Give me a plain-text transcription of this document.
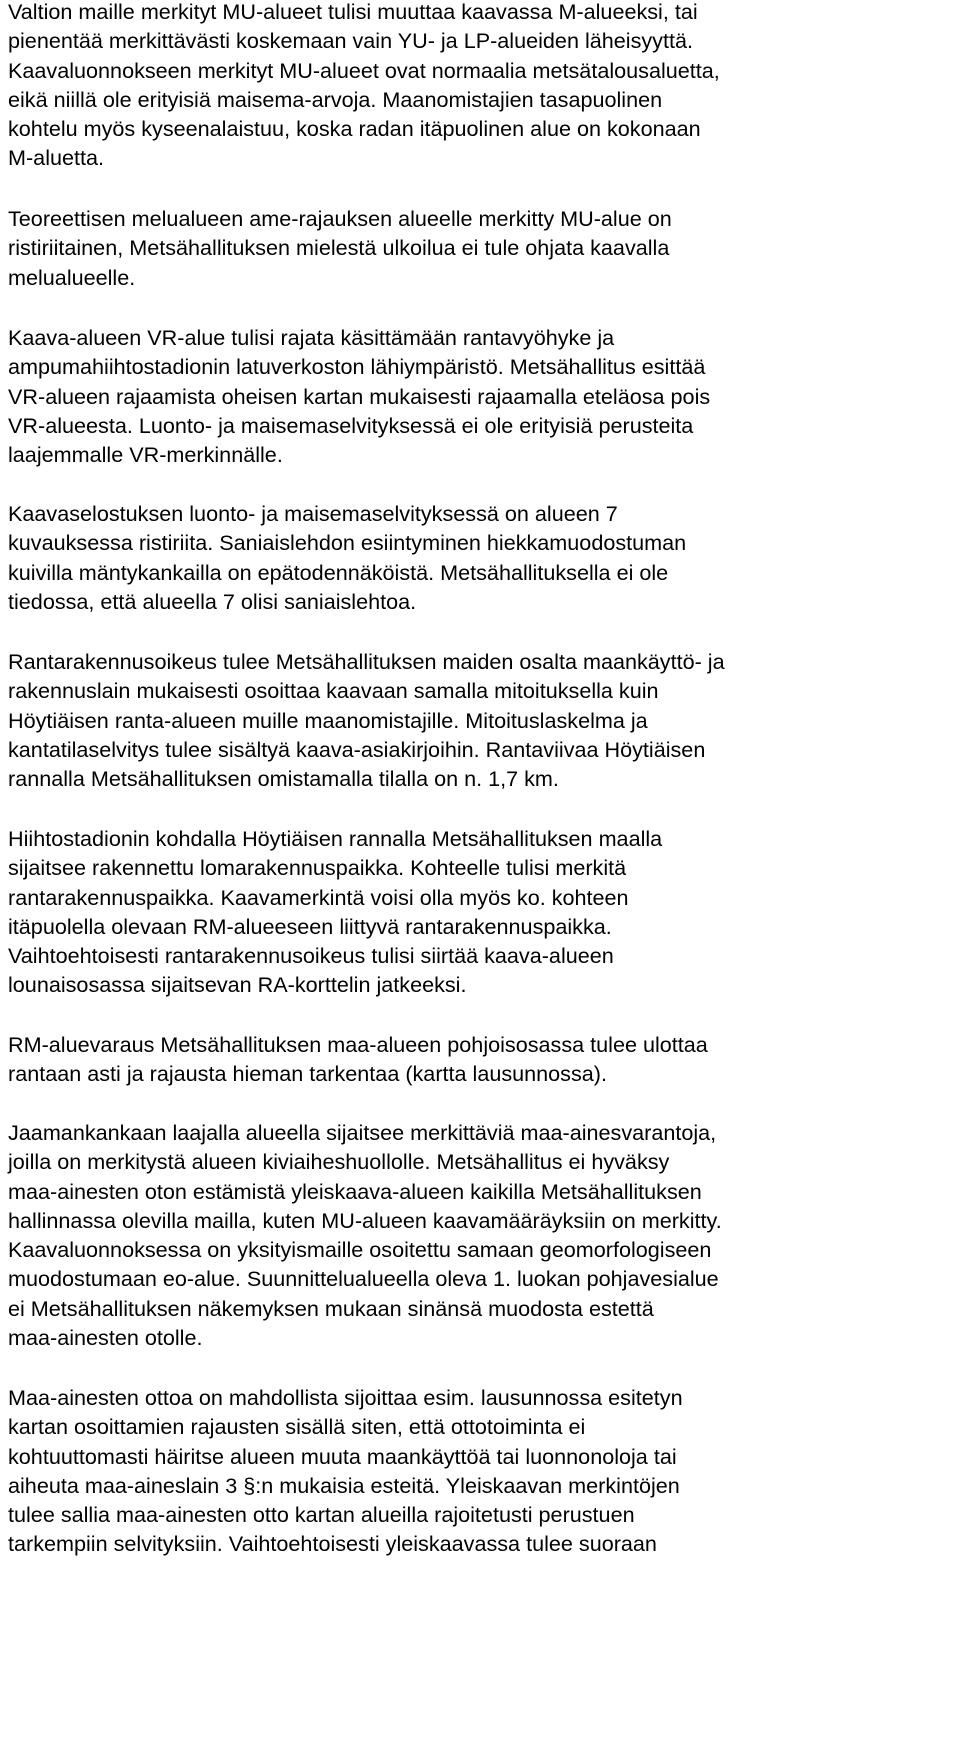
Valtion maille merkityt MU-alueet tulisi muuttaa kaavassa M-alueeksi, tai
pienentää merkittävästi koskemaan vain YU- ja LP-alueiden läheisyyttä.
Kaavaluonnokseen merkityt MU-alueet ovat normaalia metsätalousaluetta,
eikä niillä ole erityisiä maisema-arvoja. Maanomistajien tasapuolinen
kohtelu myös kyseenalaistuu, koska radan itäpuolinen alue on kokonaan
M-aluetta.

Teoreettisen melualueen ame-rajauksen alueelle merkitty MU-alue on
ristiriitainen, Metsähallituksen mielestä ulkoilua ei tule ohjata kaavalla
melualueelle.

Kaava-alueen VR-alue tulisi rajata käsittämään rantavyöhyke ja
ampumahiihtostadionin latuverkoston lähiympäristö. Metsähallitus esittää
VR-alueen rajaamista oheisen kartan mukaisesti rajaamalla eteläosa pois
VR-alueesta. Luonto- ja maisemaselvityksessä ei ole erityisiä perusteita
laajemmalle VR-merkinnälle.

Kaavaselostuksen luonto- ja maisemaselvityksessä on alueen 7
kuvauksessa ristiriita. Saniaislehdon esiintyminen hiekkamuodostuman
kuivilla mäntykankailla on epätodennäköistä. Metsähallituksella ei ole
tiedossa, että alueella 7 olisi saniaislehtoa.

Rantarakennusoikeus tulee Metsähallituksen maiden osalta maankäyttö- ja
rakennuslain mukaisesti osoittaa kaavaan samalla mitoituksella kuin
Höytiäisen ranta-alueen muille maanomistajille. Mitoituslaskelma ja
kantatilaselvitys tulee sisältyä kaava-asiakirjoihin. Rantaviivaa Höytiäisen
rannalla Metsähallituksen omistamalla tilalla on n. 1,7 km.

Hiihtostadionin kohdalla Höytiäisen rannalla Metsähallituksen maalla
sijaitsee rakennettu lomarakennuspaikka. Kohteelle tulisi merkitä
rantarakennuspaikka. Kaavamerkintä voisi olla myös ko. kohteen
itäpuolella olevaan RM-alueeseen liittyvä rantarakennuspaikka.
Vaihtoehtoisesti rantarakennusoikeus tulisi siirtää kaava-alueen
lounaisosassa sijaitsevan RA-korttelin jatkeeksi.

RM-aluevaraus Metsähallituksen maa-alueen pohjoisosassa tulee ulottaa
rantaan asti ja rajausta hieman tarkentaa (kartta lausunnossa).

Jaamankankaan laajalla alueella sijaitsee merkittäviä maa-ainesvarantoja,
joilla on merkitystä alueen kiviaiheshuollolle. Metsähallitus ei hyväksy
maa-ainesten oton estämistä yleiskaava-alueen kaikilla Metsähallituksen
hallinnassa olevilla mailla, kuten MU-alueen kaavamääräyksiin on merkitty.
Kaavaluonnoksessa on yksityismaille osoitettu samaan geomorfologiseen
muodostumaan eo-alue. Suunnittelualueella oleva 1. luokan pohjavesialue
ei Metsähallituksen näkemyksen mukaan sinänsä muodosta estettä
maa-ainesten otolle.

Maa-ainesten ottoa on mahdollista sijoittaa esim. lausunnossa esitetyn
kartan osoittamien rajausten sisällä siten, että ottotoiminta ei
kohtuuttomasti häiritse alueen muuta maankäyttöä tai luonnonoloja tai
aiheuta maa-aineslain 3 §:n mukaisia esteitä. Yleiskaavan merkintöjen
tulee sallia maa-ainesten otto kartan alueilla rajoitetusti perustuen
tarkempiin selvityksiin. Vaihtoehtoisesti yleiskaavassa tulee suoraan
